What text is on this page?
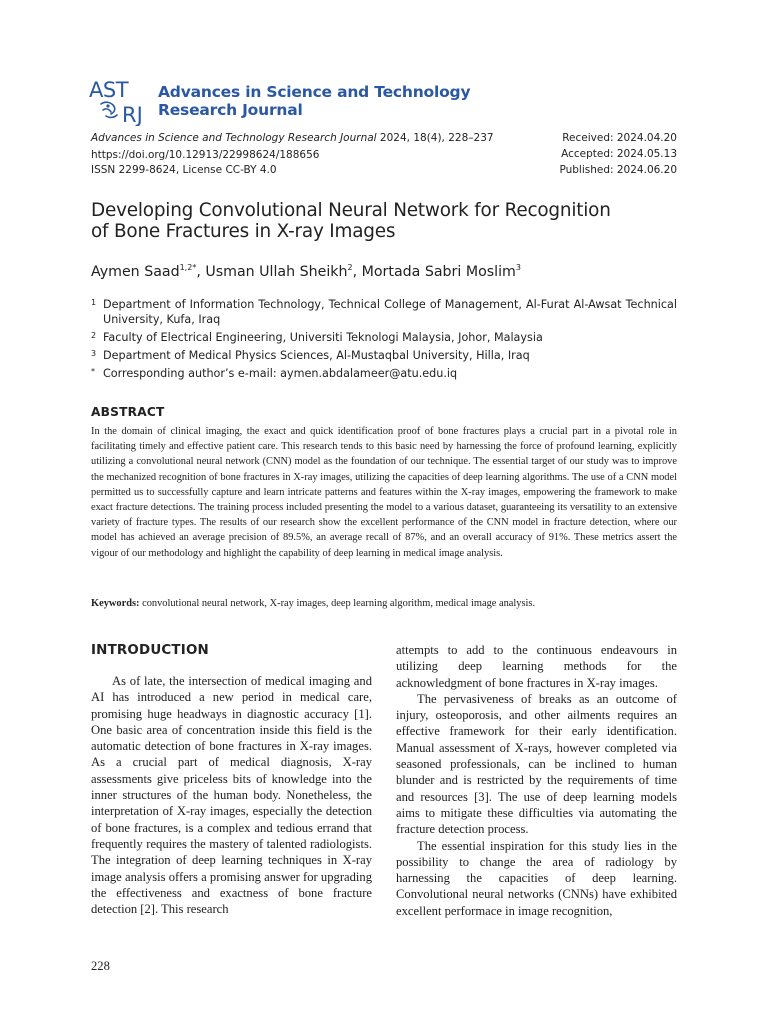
AST
RJ
Advances in Science and Technology
Research Journal
Advances in Science and Technology Research Journal 2024, 18(4), 228–237
https://doi.org/10.12913/22998624/188656
ISSN 2299-8624, License CC-BY 4.0
Received: 2024.04.20
Accepted: 2024.05.13
Published: 2024.06.20
Developing Convolutional Neural Network for Recognition
of Bone Fractures in X-ray Images
Aymen Saad$^{1,2*}$, Usman Ullah Sheikh$^2$, Mortada Sabri Moslim$^3$
1 Department of Information Technology, Technical College of Management, Al-Furat Al-Awsat Technical University, Kufa, Iraq
2 Faculty of Electrical Engineering, Universiti Teknologi Malaysia, Johor, Malaysia
3 Department of Medical Physics Sciences, Al-Mustaqbal University, Hilla, Iraq
* Corresponding author’s e-mail: aymen.abdalameer@atu.edu.iq
ABSTRACT
In the domain of clinical imaging, the exact and quick identification proof of bone fractures plays a crucial part in a pivotal role in facilitating timely and effective patient care. This research tends to this basic need by harnessing the force of profound learning, explicitly utilizing a convolutional neural network (CNN) model as the foundation of our technique. The essential target of our study was to improve the mechanized recognition of bone fractures in X-ray images, utilizing the capacities of deep learning algorithms. The use of a CNN model permitted us to successfully capture and learn intricate patterns and features within the X-ray images, empowering the framework to make exact fracture detections. The training process included presenting the model to a various dataset, guaranteeing its versatility to an extensive variety of fracture types. The results of our research show the excellent performance of the CNN model in fracture detection, where our model has achieved an average precision of 89.5%, an average recall of 87%, and an overall accuracy of 91%. These metrics assert the vigour of our methodology and highlight the capability of deep learning in medical image analysis.
Keywords: convolutional neural network, X-ray images, deep learning algorithm, medical image analysis.
INTRODUCTION

As of late, the intersection of medical imaging and AI has introduced a new period in medical care, promising huge headways in diagnostic accuracy [1]. One basic area of concentration inside this field is the automatic detection of bone fractures in X-ray images. As a crucial part of medical diagnosis, X-ray assessments give priceless bits of knowledge into the inner structures of the human body. Nonetheless, the interpretation of X-ray images, especially the detection of bone fractures, is a complex and tedious errand that frequently requires the mastery of talented radiologists. The integration of deep learning techniques in X-ray image analysis offers a promising answer for upgrading the effectiveness and exactness of bone fracture detection [2]. This research

attempts to add to the continuous endeavours in utilizing deep learning methods for the acknowledgment of bone fractures in X-ray images.

The pervasiveness of breaks as an outcome of injury, osteoporosis, and other ailments requires an effective framework for their early identification. Manual assessment of X-rays, however completed via seasoned professionals, can be inclined to human blunder and is restricted by the requirements of time and resources [3]. The use of deep learning models aims to mitigate these difficulties via automating the fracture detection process.

The essential inspiration for this study lies in the possibility to change the area of radiology by harnessing the capacities of deep learning. Convolutional neural networks (CNNs) have exhibited excellent performace in image recognition,

228
